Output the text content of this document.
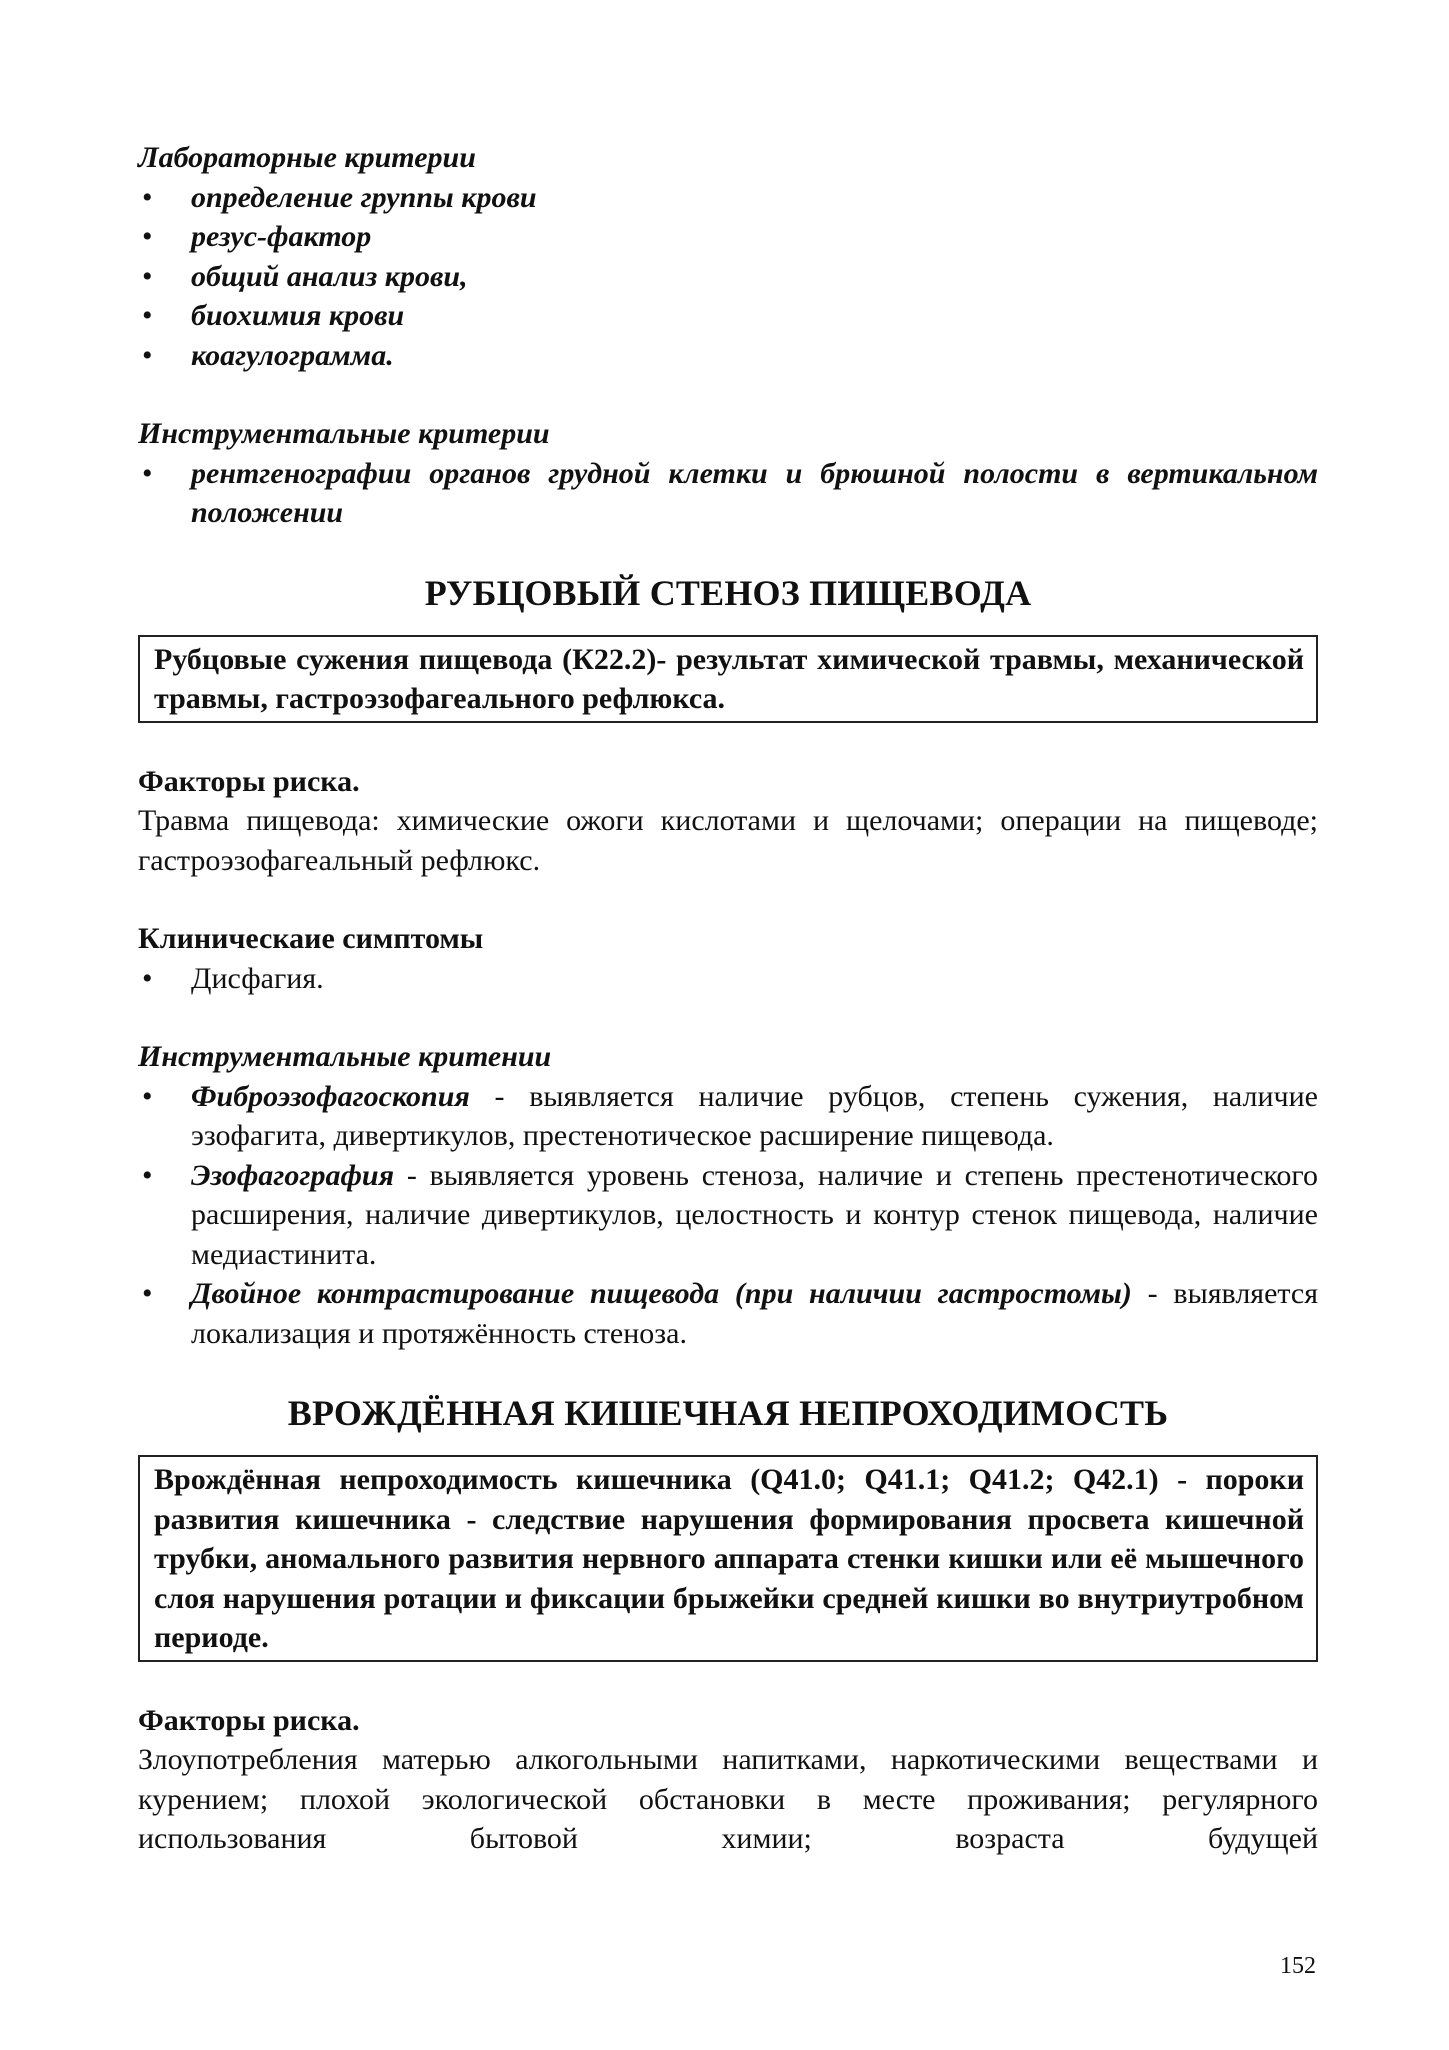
Лабораторные критерии
• определение группы крови
• резус-фактор
• общий анализ крови,
• биохимия крови
• коагулограмма.
Инструментальные критерии
• рентгенографии органов грудной клетки и брюшной полости в вертикальном положении
РУБЦОВЫЙ СТЕНОЗ ПИЩЕВОДА
Рубцовые сужения пищевода (К22.2)- результат химической травмы, механической травмы, гастроэзофагеального рефлюкса.
Факторы риска.
Травма пищевода: химические ожоги кислотами и щелочами; операции на пищеводе; гастроэзофагеальный рефлюкс.
Клиническаие симптомы
• Дисфагия.
Инструментальные критении
• Фиброэзофагоскопия - выявляется наличие рубцов, степень сужения, наличие эзофагита, дивертикулов, престенотическое расширение пищевода.
• Эзофагография - выявляется уровень стеноза, наличие и степень престенотического расширения, наличие дивертикулов, целостность и контур стенок пищевода, наличие медиастинита.
• Двойное контрастирование пищевода (при наличии гастростомы) - выявляется локализация и протяжённость стеноза.
ВРОЖДЁННАЯ КИШЕЧНАЯ НЕПРОХОДИМОСТЬ
Врождённая непроходимость кишечника (Q41.0; Q41.1; Q41.2; Q42.1) - пороки развития кишечника - следствие нарушения формирования просвета кишечной трубки, аномального развития нервного аппарата стенки кишки или её мышечного слоя нарушения ротации и фиксации брыжейки средней кишки во внутриутробном периоде.
Факторы риска.
Злоупотребления матерью алкогольными напитками, наркотическими веществами и курением; плохой экологической обстановки в месте проживания; регулярного использования бытовой химии; возраста будущей
152
